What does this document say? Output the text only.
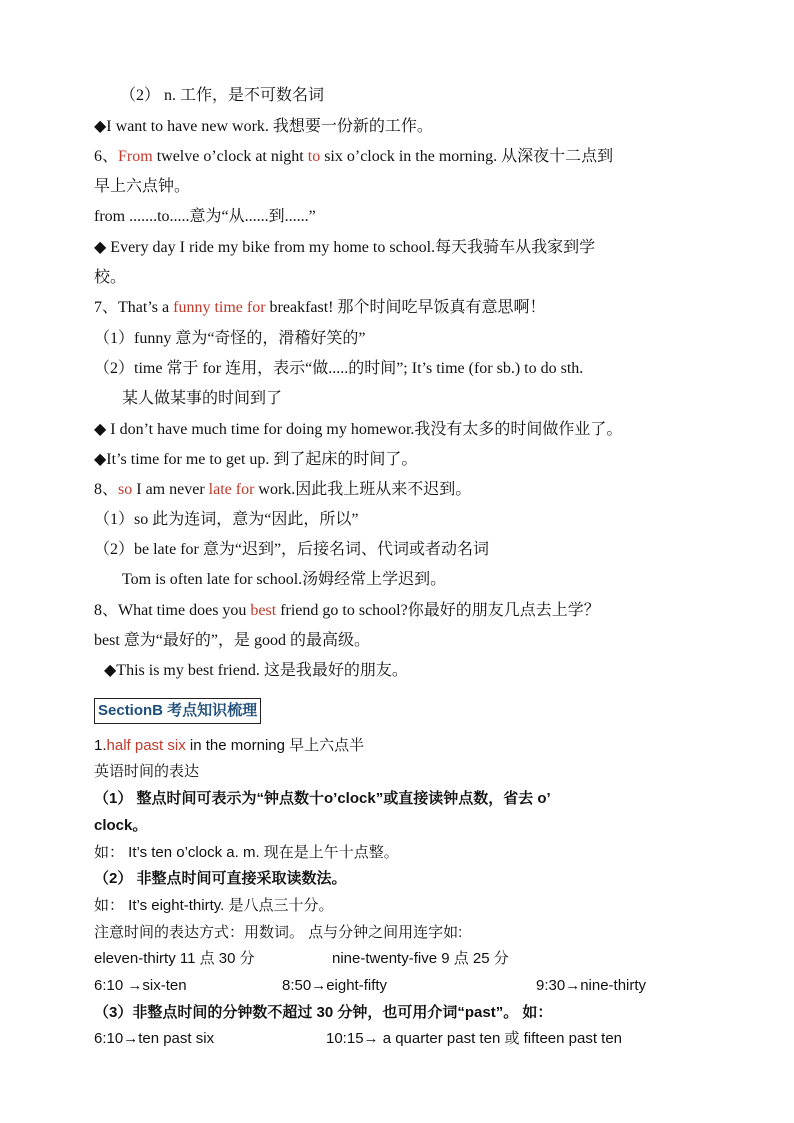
（2） n. 工作，是不可数名词
◆I want to have new work. 我想要一份新的工作。
6、From twelve o’clock at night to six o’clock in the morning. 从深夜十二点到
早上六点钟。
from .......to.....意为“从......到......”
◆ Every day I ride my bike from my home to school.每天我骑车从我家到学
校。
7、That’s a funny time for breakfast! 那个时间吃早饭真有意思啊！
（1）funny 意为“奇怪的，滑稽好笑的”
（2）time 常于 for 连用，表示“做.....的时间”; It’s time (for sb.) to do sth.
某人做某事的时间到了
◆ I don’t have much time for doing my homewor.我没有太多的时间做作业了。
◆It’s time for me to get up. 到了起床的时间了。
8、so I am never late for work.因此我上班从来不迟到。
（1）so 此为连词，意为“因此，所以”
（2）be late for 意为“迟到”，后接名词、代词或者动名词
Tom is often late for school.汤姆经常上学迟到。
8、What time does you best friend go to school?你最好的朋友几点去上学？
best 意为“最好的”，是 good 的最高级。
◆This is my best friend. 这是我最好的朋友。
SectionB 考点知识梳理
1.half past six in the morning 早上六点半
英语时间的表达
（1） 整点时间可表示为“钟点数十o’clock”或直接读钟点数，省去 o’
clock。
如： It’s ten o’clock a. m. 现在是上午十点整。
（2） 非整点时间可直接采取读数法。
如： It’s eight-thirty. 是八点三十分。
注意时间的表达方式：用数词。 点与分钟之间用连字如:
eleven-thirty 11 点 30 分	nine-twenty-five 9 点 25 分
6:10 →six-ten	8:50→eight-fifty	9:30→nine-thirty
（3）非整点时间的分钟数不超过 30 分钟，也可用介词“past”。 如：
6:10→ten past six	10:15→ a quarter past ten 或 fifteen past ten
